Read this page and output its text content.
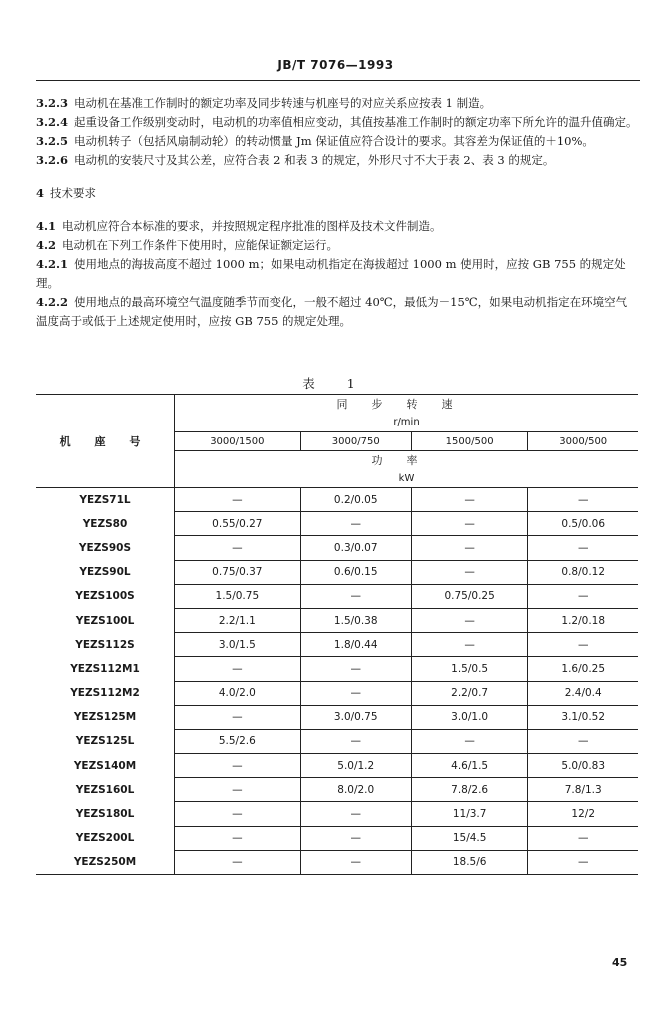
JB/T 7076—1993

3.2.3 电动机在基准工作制时的额定功率及同步转速与机座号的对应关系应按表 1 制造。

3.2.4 起重设备工作级别变动时，电动机的功率值相应变动，其值按基准工作制时的额定功率下所允许的温升值确定。

3.2.5 电动机转子（包括风扇制动轮）的转动惯量 Jm 保证值应符合设计的要求。其容差为保证值的＋10%。

3.2.6 电动机的安装尺寸及其公差，应符合表 2 和表 3 的规定，外形尺寸不大于表 2、表 3 的规定。

4 技术要求

4.1 电动机应符合本标准的要求，并按照规定程序批准的图样及技术文件制造。

4.2 电动机在下列工作条件下使用时，应能保证额定运行。

4.2.1 使用地点的海拔高度不超过 1000 m；如果电动机指定在海拔超过 1000 m 使用时，应按 GB 755 的规定处理。

4.2.2 使用地点的最高环境空气温度随季节而变化，一般不超过 40℃，最低为－15℃，如果电动机指定在环境空气温度高于或低于上述规定使用时，应按 GB 755 的规定处理。

表 1
机 座 号	同步转速			
	r/min			
	3000/1500	3000/750	1500/500	3000/500
	功率			
	kW			
YEZS71L	—	0.2/0.05	—	—
YEZS80	0.55/0.27	—	—	0.5/0.06
YEZS90S	—	0.3/0.07	—	—
YEZS90L	0.75/0.37	0.6/0.15	—	0.8/0.12
YEZS100S	1.5/0.75	—	0.75/0.25	—
YEZS100L	2.2/1.1	1.5/0.38	—	1.2/0.18
YEZS112S	3.0/1.5	1.8/0.44	—	—
YEZS112M1	—	—	1.5/0.5	1.6/0.25
YEZS112M2	4.0/2.0	—	2.2/0.7	2.4/0.4
YEZS125M	—	3.0/0.75	3.0/1.0	3.1/0.52
YEZS125L	5.5/2.6	—	—	—
YEZS140M	—	5.0/1.2	4.6/1.5	5.0/0.83
YEZS160L	—	8.0/2.0	7.8/2.6	7.8/1.3
YEZS180L	—	—	11/3.7	12/2
YEZS200L	—	—	15/4.5	—
YEZS250M	—	—	18.5/6	—
45
